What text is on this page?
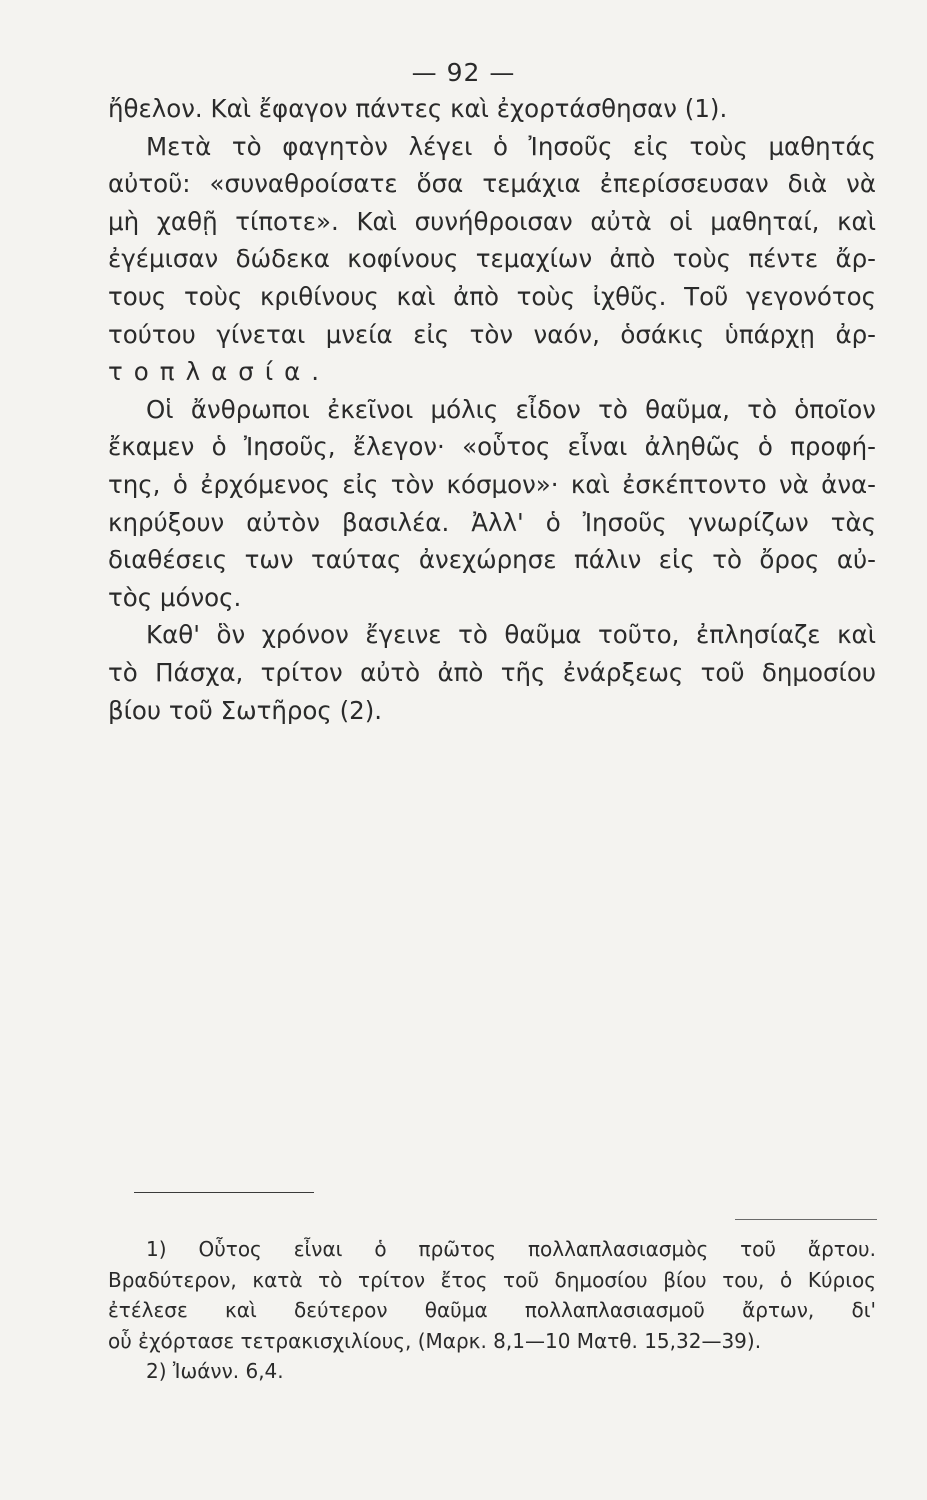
— 92 —
ἤθελον. Καὶ ἔφαγον πάντες καὶ ἐχορτάσθησαν (1).
Μετὰ τὸ φαγητὸν λέγει ὁ Ἰησοῦς εἰς τοὺς μαθητάς
αὐτοῦ: «συναθροίσατε ὅσα τεμάχια ἐπερίσσευσαν διὰ νὰ
μὴ χαθῇ τίποτε». Καὶ συνήθροισαν αὐτὰ οἱ μαθηταί, καὶ
ἐγέμισαν δώδεκα κοφίνους τεμαχίων ἀπὸ τοὺς πέντε ἄρ-
τους τοὺς κριθίνους καὶ ἀπὸ τοὺς ἰχθῦς. Τοῦ γεγονότος
τούτου γίνεται μνεία εἰς τὸν ναόν, ὁσάκις ὑπάρχῃ ἀρ-
τοπλασία.
Οἱ ἄνθρωποι ἐκεῖνοι μόλις εἶδον τὸ θαῦμα, τὸ ὁποῖον
ἔκαμεν ὁ Ἰησοῦς, ἔλεγον· «οὗτος εἶναι ἀληθῶς ὁ προφή-
της, ὁ ἐρχόμενος εἰς τὸν κόσμον»· καὶ ἐσκέπτοντο νὰ ἀνα-
κηρύξουν αὐτὸν βασιλέα. Ἀλλ' ὁ Ἰησοῦς γνωρίζων τὰς
διαθέσεις των ταύτας ἀνεχώρησε πάλιν εἰς τὸ ὄρος αὐ-
τὸς μόνος.
Καθ' ὃν χρόνον ἔγεινε τὸ θαῦμα τοῦτο, ἐπλησίαζε καὶ
τὸ Πάσχα, τρίτον αὐτὸ ἀπὸ τῆς ἐνάρξεως τοῦ δημοσίου
βίου τοῦ Σωτῆρος (2).
1) Οὗτος εἶναι ὁ πρῶτος πολλαπλασιασμὸς τοῦ ἄρτου.
Βραδύτερον, κατὰ τὸ τρίτον ἔτος τοῦ δημοσίου βίου του, ὁ Κύριος
ἐτέλεσε καὶ δεύτερον θαῦμα πολλαπλασιασμοῦ ἄρτων, δι'
οὗ ἐχόρτασε τετρακισχιλίους, (Μαρκ. 8,1—10 Ματθ. 15,32—39).
2) Ἰωάνν. 6,4.
